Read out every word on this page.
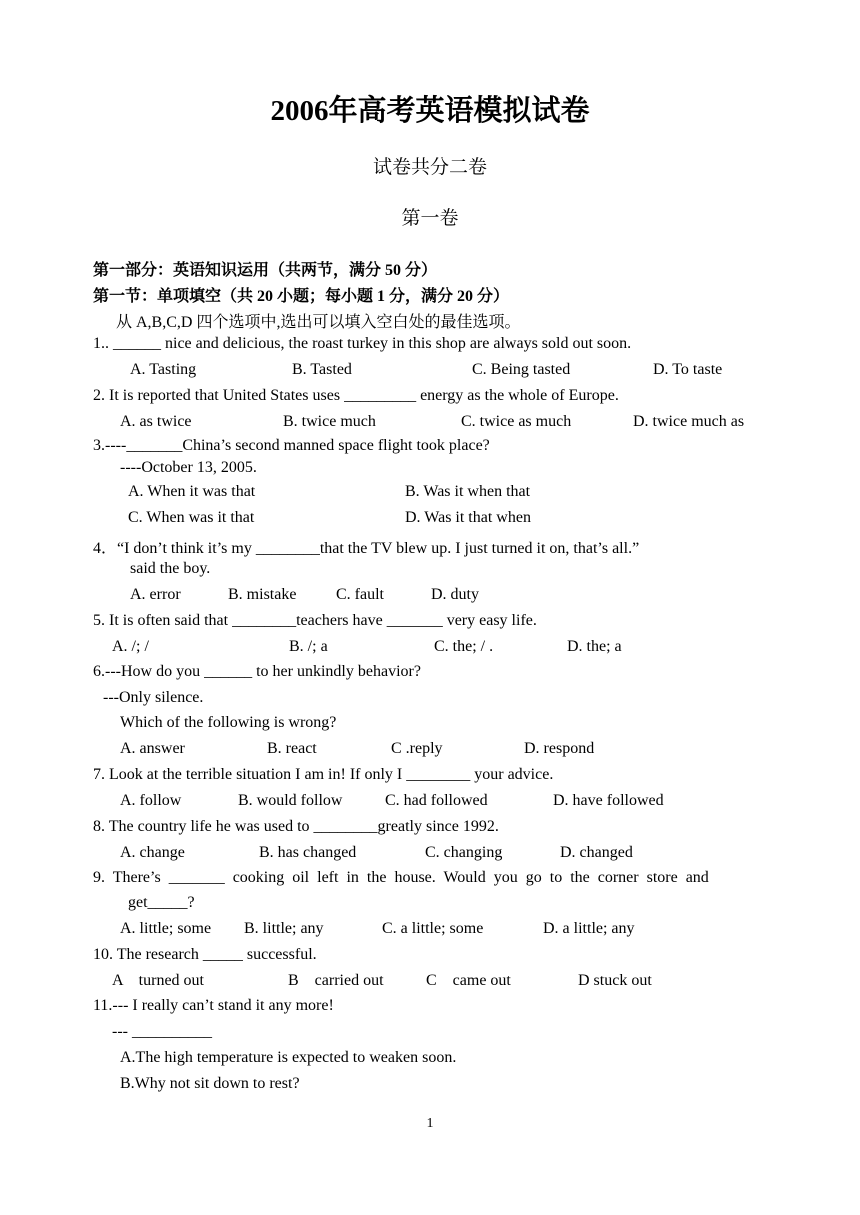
2006年高考英语模拟试卷
试卷共分二卷
第一卷
第一部分：英语知识运用（共两节，满分 50 分）
第一节：单项填空（共 20 小题；每小题 1 分，满分 20 分）
从 A,B,C,D 四个选项中,选出可以填入空白处的最佳选项。
1.. ______ nice and delicious, the roast turkey in this shop are always sold out soon.
A. Tasting	B. Tasted	C. Being tasted	D. To taste
2. It is reported that United States uses _________ energy as the whole of Europe.
A. as twice	B. twice much	C. twice as much	D. twice much as
3.----_______China’s second manned space flight took place?
----October 13, 2005.
A. When it was that	B. Was it when that
C. When was it that	D. Was it that when
4．“I don’t think it’s my ________that the TV blew up. I just turned it on, that’s all.”
said the boy.
A. error	B. mistake C. fault	D. duty
5. It is often said that ________teachers have _______ very easy life.
A. /; /	B. /; a	C. the; / .	D. the; a
6.---How do you ______ to her unkindly behavior?
---Only silence.
Which of the following is wrong?
A. answer	B. react	C .reply	D. respond
7. Look at the terrible situation I am in! If only I ________ your advice.
A. follow	B. would follow	C. had followed	D. have followed
8. The country life he was used to ________greatly since 1992.
A. change	B. has changed	C. changing	D. changed
9.  There’s  _______  cooking  oil  left  in  the  house.  Would  you  go  to  the  corner  store  and
get_____?
A. little; some B. little; any	C. a little; some	D. a little; any
10. The research _____ successful.
A    turned out	B    carried out	C    came out	D stuck out
11.--- I really can’t stand it any more!
--- __________
A.The high temperature is expected to weaken soon.
B.Why not sit down to rest?
1
